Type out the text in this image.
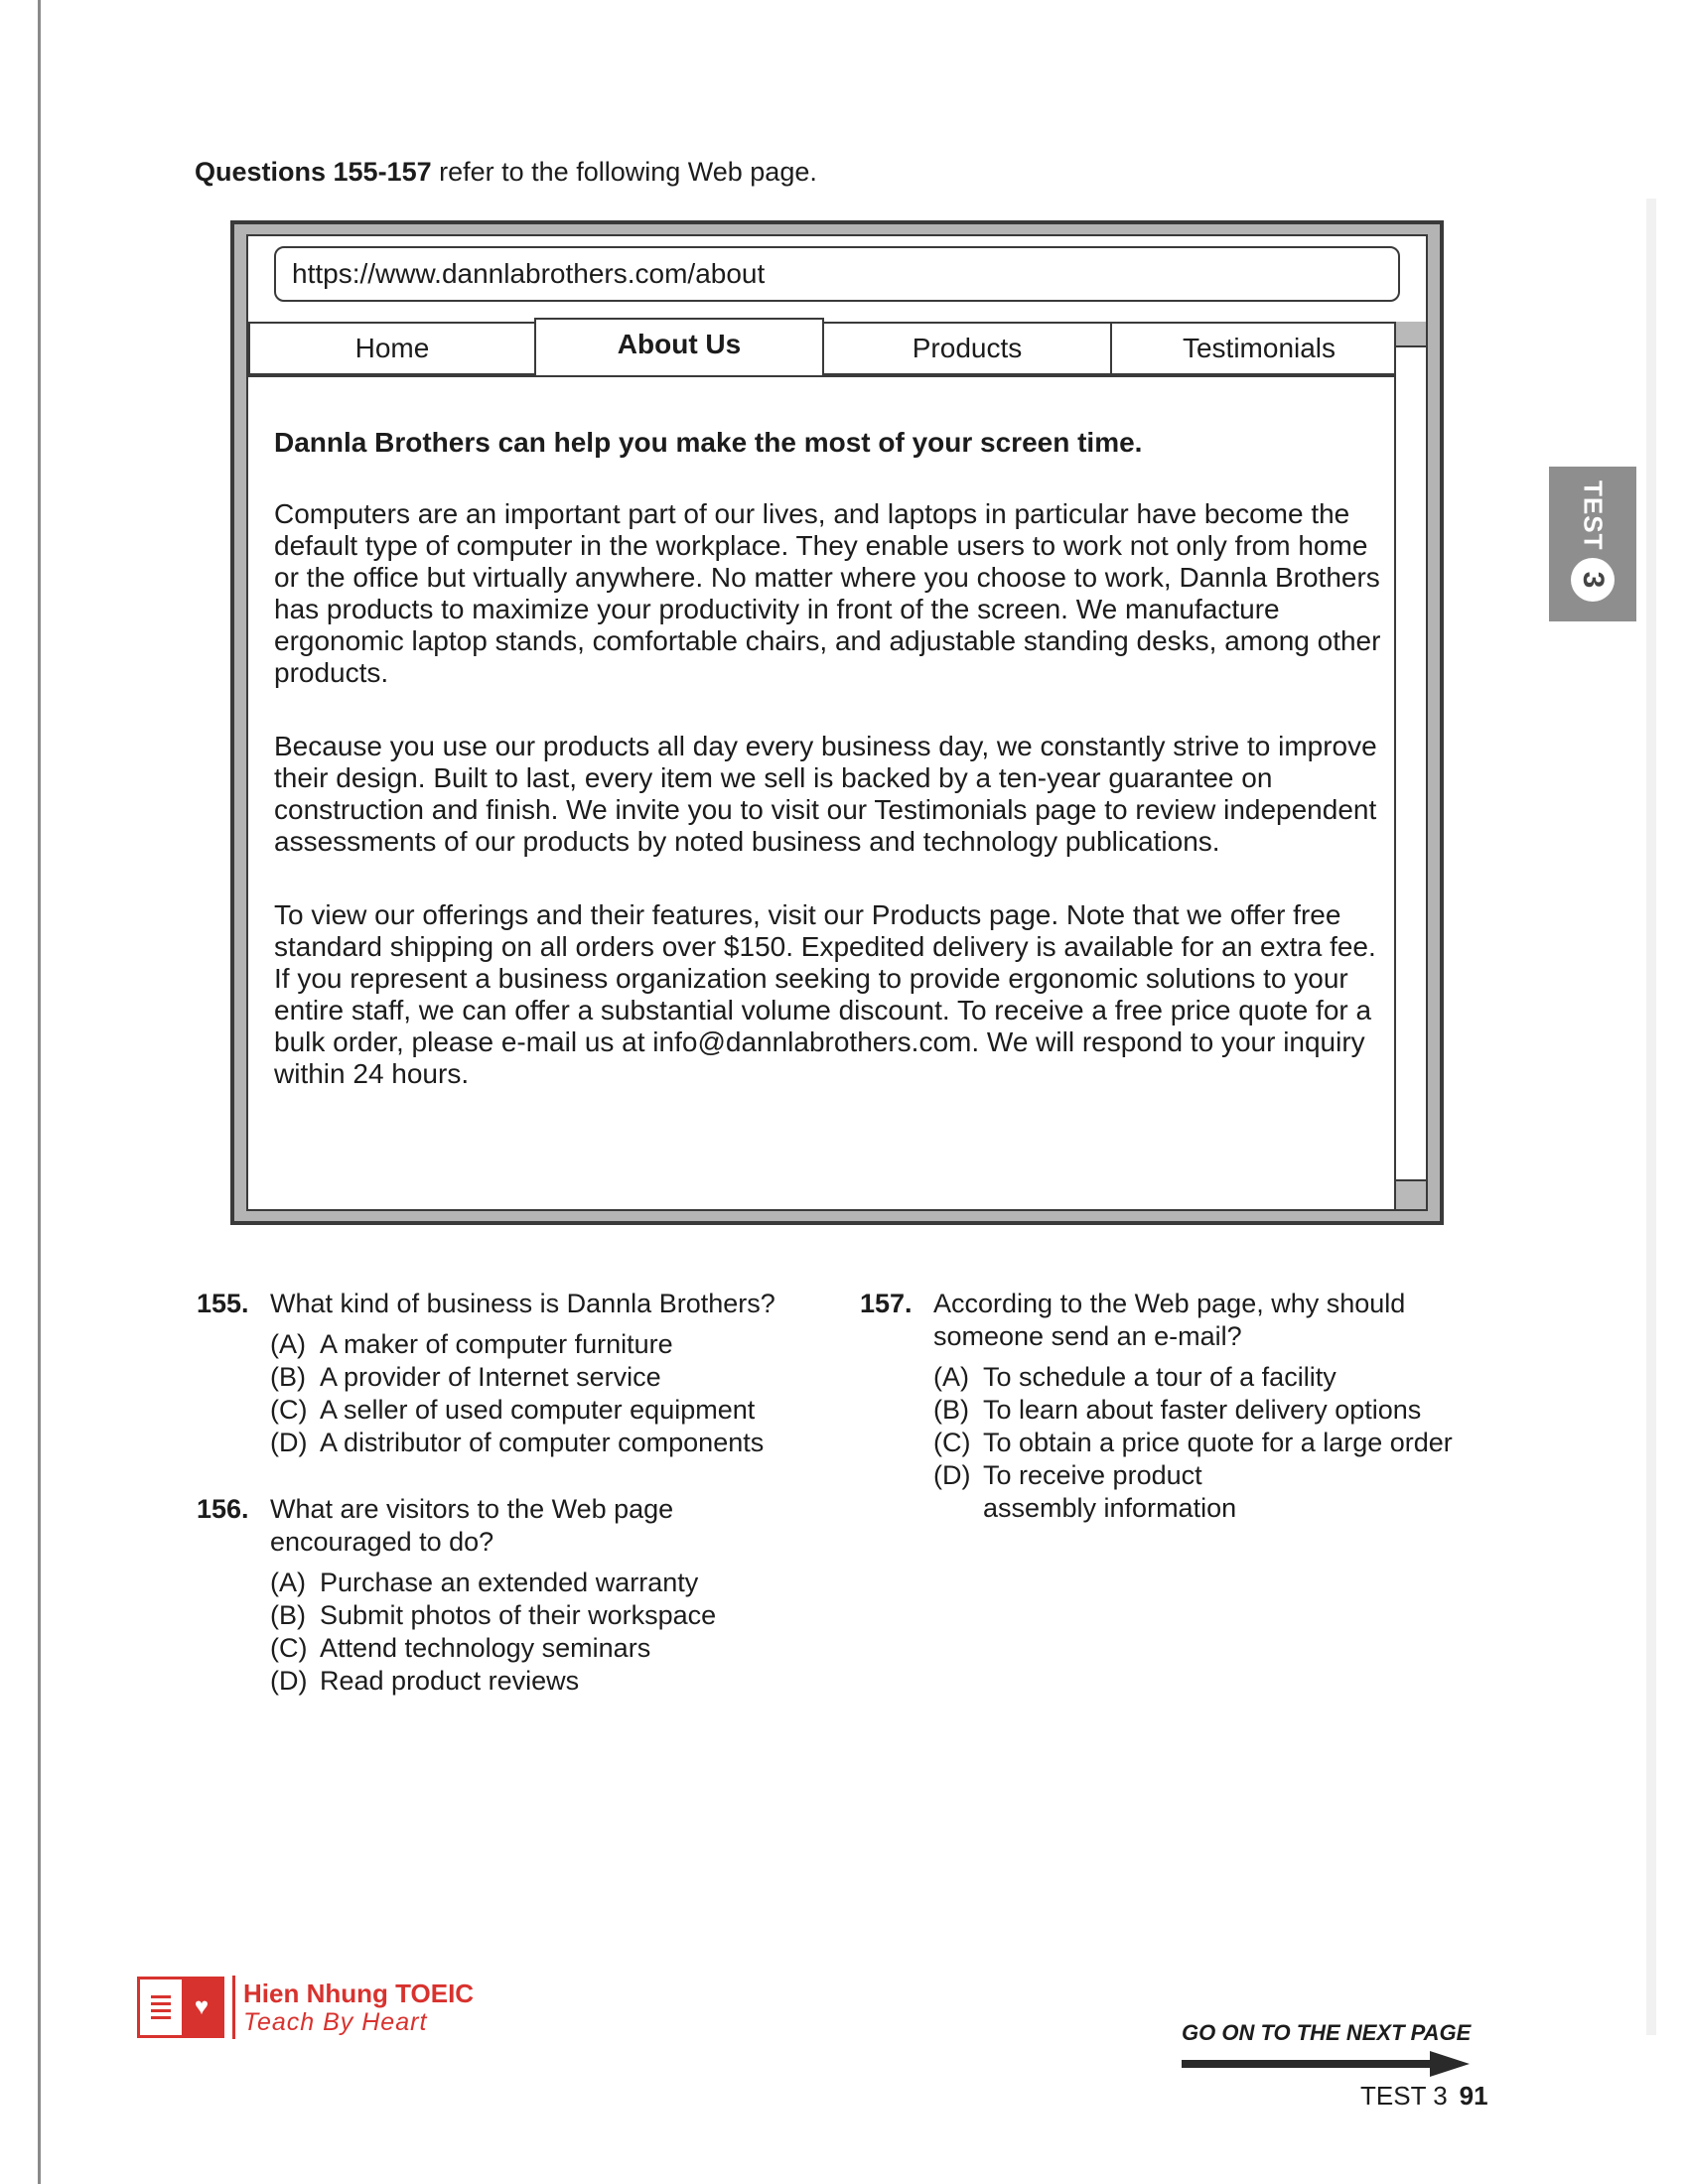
Questions 155-157 refer to the following Web page.
https://www.dannlabrothers.com/about
Home	About Us	Products	Testimonials
Dannla Brothers can help you make the most of your screen time.

Computers are an important part of our lives, and laptops in particular have become the default type of computer in the workplace. They enable users to work not only from home or the office but virtually anywhere. No matter where you choose to work, Dannla Brothers has products to maximize your productivity in front of the screen. We manufacture ergonomic laptop stands, comfortable chairs, and adjustable standing desks, among other products.

Because you use our products all day every business day, we constantly strive to improve their design. Built to last, every item we sell is backed by a ten-year guarantee on construction and finish. We invite you to visit our Testimonials page to review independent assessments of our products by noted business and technology publications.

To view our offerings and their features, visit our Products page. Note that we offer free standard shipping on all orders over $150. Expedited delivery is available for an extra fee. If you represent a business organization seeking to provide ergonomic solutions to your entire staff, we can offer a substantial volume discount. To receive a free price quote for a bulk order, please e-mail us at info@dannlabrothers.com. We will respond to your inquiry within 24 hours.

155. What kind of business is Dannla Brothers?
(A) A maker of computer furniture
(B) A provider of Internet service
(C) A seller of used computer equipment
(D) A distributor of computer components
156. What are visitors to the Web page encouraged to do?
(A) Purchase an extended warranty
(B) Submit photos of their workspace
(C) Attend technology seminars
(D) Read product reviews
157. According to the Web page, why should someone send an e-mail?
(A) To schedule a tour of a facility
(B) To learn about faster delivery options
(C) To obtain a price quote for a large order
(D) To receive product assembly information
TEST
3
♥	Hien Nhung TOEIC
Teach By Heart	GO ON TO THE NEXT PAGE
TEST 3 91
